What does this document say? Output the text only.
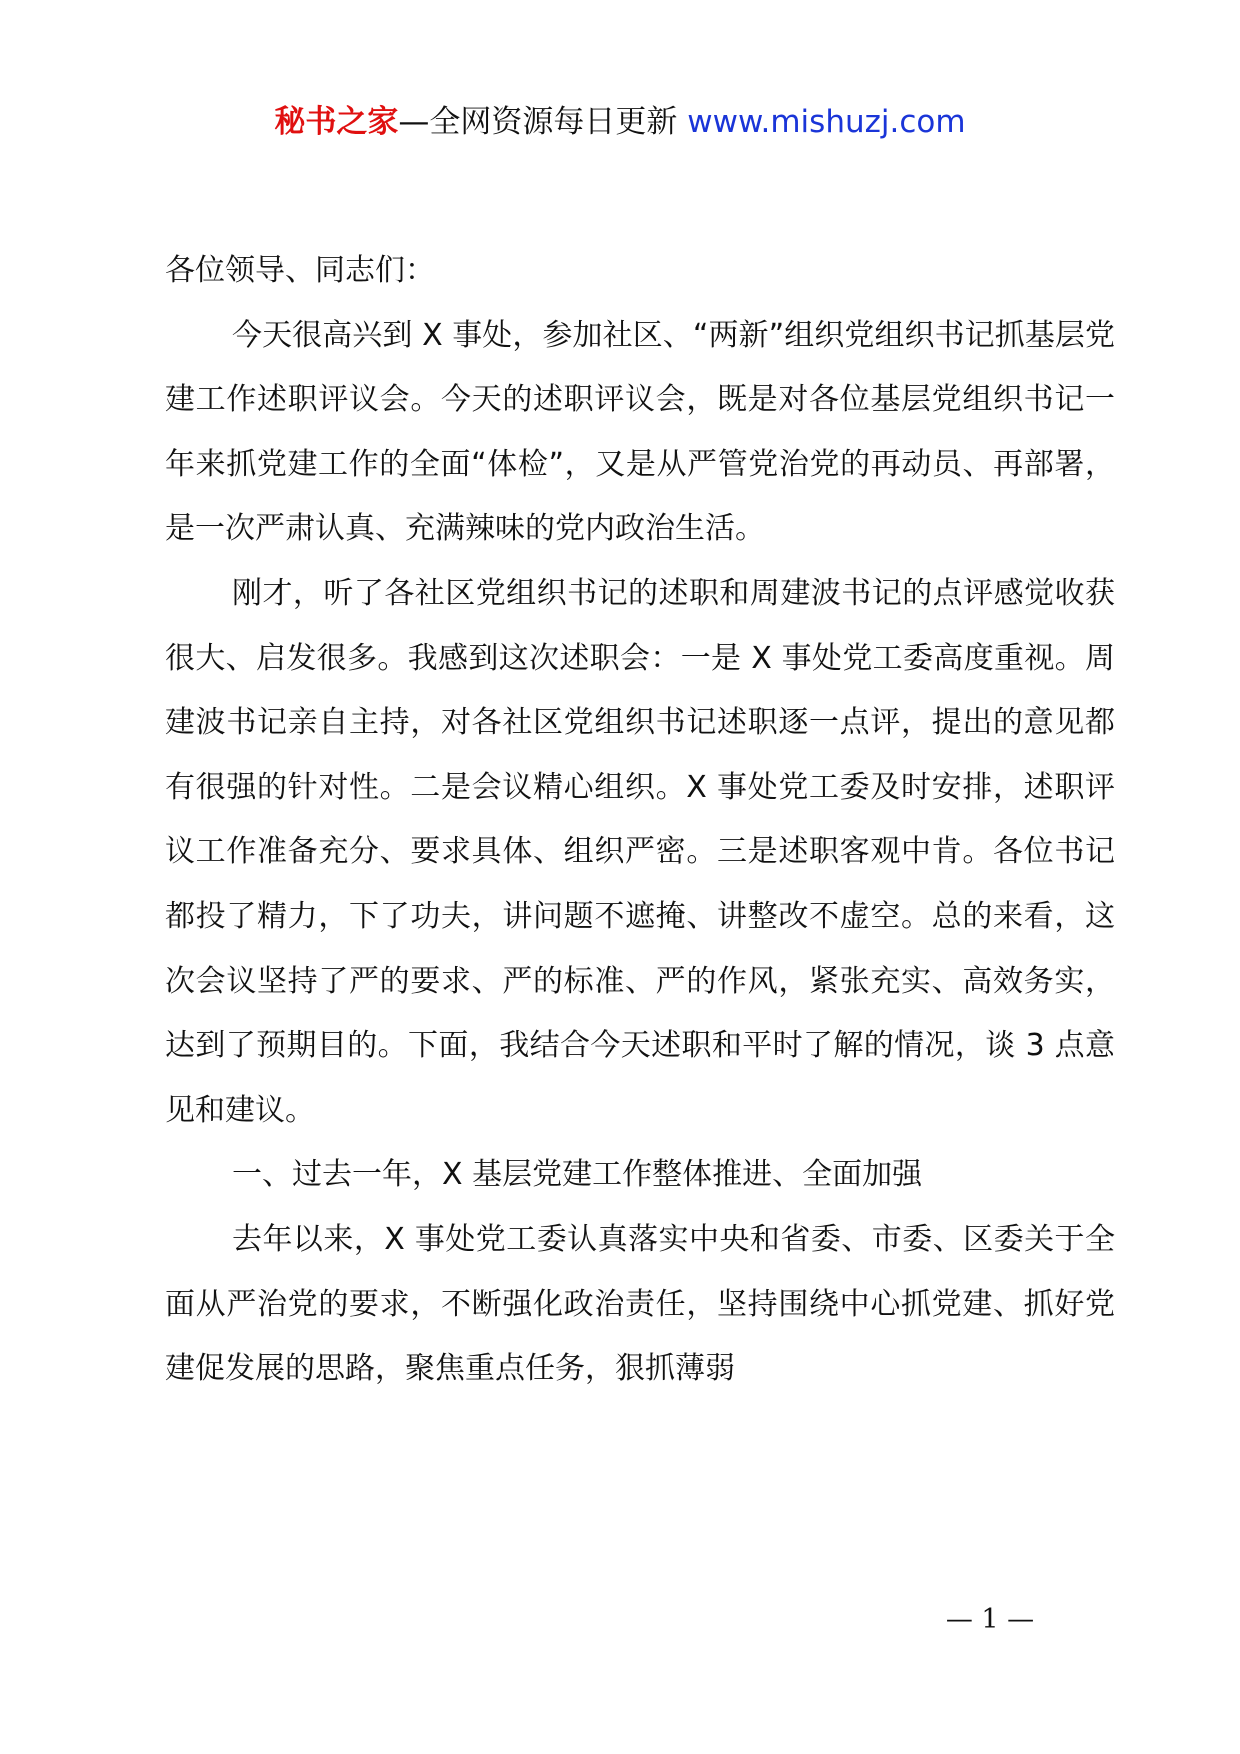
秘书之家—全网资源每日更新 www.mishuzj.com

各位领导、同志们：

今天很高兴到 X 事处，参加社区、“两新”组织党组织书记抓基层党建工作述职评议会。今天的述职评议会，既是对各位基层党组织书记一年来抓党建工作的全面“体检”，又是从严管党治党的再动员、再部署，是一次严肃认真、充满辣味的党内政治生活。

刚才，听了各社区党组织书记的述职和周建波书记的点评感觉收获很大、启发很多。我感到这次述职会：一是 X 事处党工委高度重视。周建波书记亲自主持，对各社区党组织书记述职逐一点评，提出的意见都有很强的针对性。二是会议精心组织。X 事处党工委及时安排，述职评议工作准备充分、要求具体、组织严密。三是述职客观中肯。各位书记都投了精力，下了功夫，讲问题不遮掩、讲整改不虚空。总的来看，这次会议坚持了严的要求、严的标准、严的作风，紧张充实、高效务实，达到了预期目的。下面，我结合今天述职和平时了解的情况，谈 3 点意见和建议。

一、过去一年，X 基层党建工作整体推进、全面加强

去年以来，X 事处党工委认真落实中央和省委、市委、区委关于全面从严治党的要求，不断强化政治责任，坚持围绕中心抓党建、抓好党建促发展的思路，聚焦重点任务，狠抓薄弱

— 1 —
